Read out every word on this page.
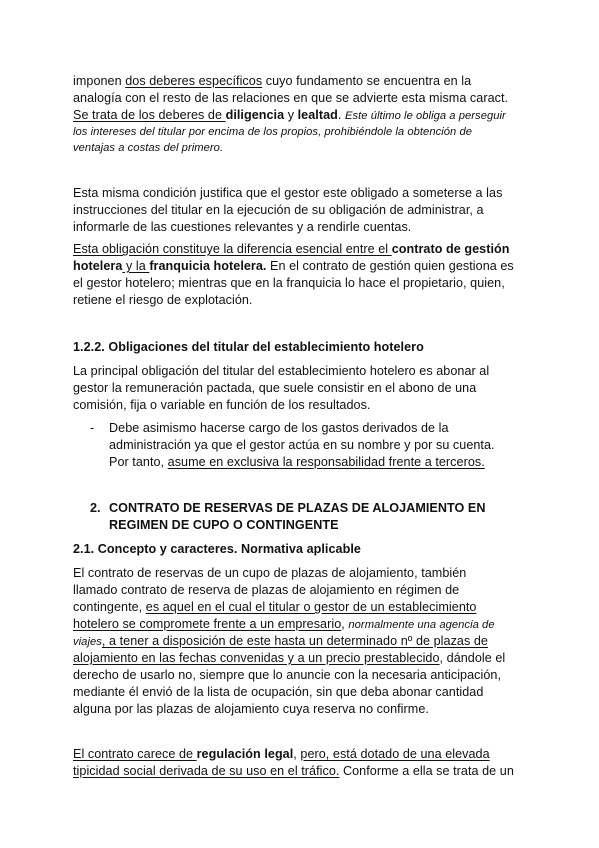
imponen dos deberes específicos cuyo fundamento se encuentra en la
analogía con el resto de las relaciones en que se advierte esta misma caract.
Se trata de los deberes de diligencia y lealtad. Este último le obliga a perseguir
los intereses del titular por encima de los propios, prohibiéndole la obtención de
ventajas a costas del primero.
Esta misma condición justifica que el gestor este obligado a someterse a las
instrucciones del titular en la ejecución de su obligación de administrar, a
informarle de las cuestiones relevantes y a rendirle cuentas.
Esta obligación constituye la diferencia esencial entre el contrato de gestión
hotelera y la franquicia hotelera. En el contrato de gestión quien gestiona es
el gestor hotelero; mientras que en la franquicia lo hace el propietario, quien,
retiene el riesgo de explotación.
1.2.2. Obligaciones del titular del establecimiento hotelero
La principal obligación del titular del establecimiento hotelero es abonar al
gestor la remuneración pactada, que suele consistir en el abono de una
comisión, fija o variable en función de los resultados.
- Debe asimismo hacerse cargo de los gastos derivados de la
administración ya que el gestor actúa en su nombre y por su cuenta.
Por tanto, asume en exclusiva la responsabilidad frente a terceros.
2. CONTRATO DE RESERVAS DE PLAZAS DE ALOJAMIENTO EN
REGIMEN DE CUPO O CONTINGENTE
2.1. Concepto y caracteres. Normativa aplicable
El contrato de reservas de un cupo de plazas de alojamiento, también
llamado contrato de reserva de plazas de alojamiento en régimen de
contingente, es aquel en el cual el titular o gestor de un establecimiento
hotelero se compromete frente a un empresario, normalmente una agencia de
viajes, a tener a disposición de este hasta un determinado nº de plazas de
alojamiento en las fechas convenidas y a un precio prestablecido, dándole el
derecho de usarlo no, siempre que lo anuncie con la necesaria anticipación,
mediante él envió de la lista de ocupación, sin que deba abonar cantidad
alguna por las plazas de alojamiento cuya reserva no confirme.
El contrato carece de regulación legal, pero, está dotado de una elevada
tipicidad social derivada de su uso en el tráfico. Conforme a ella se trata de un
